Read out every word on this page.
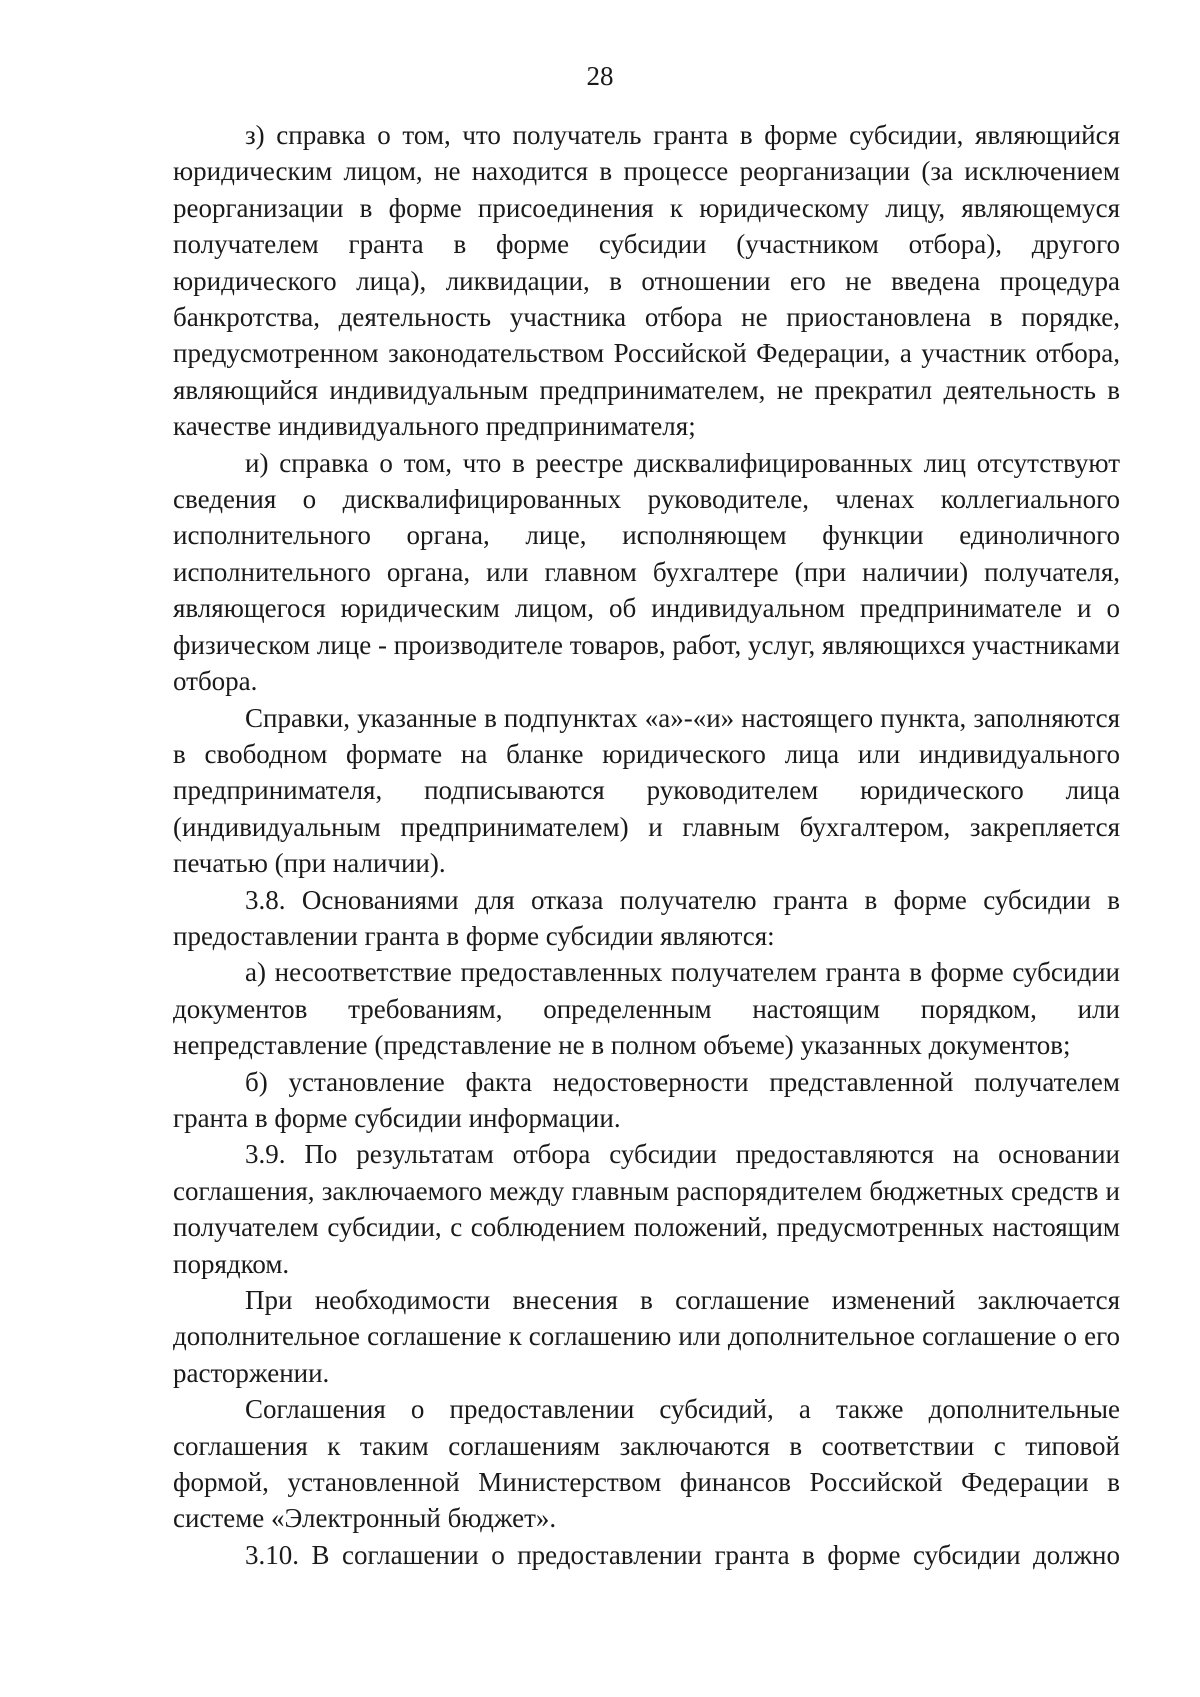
28

з) справка о том, что получатель гранта в форме субсидии, являющийся юридическим лицом, не находится в процессе реорганизации (за исключением реорганизации в форме присоединения к юридическому лицу, являющемуся получателем гранта в форме субсидии (участником отбора), другого юридического лица), ликвидации, в отношении его не введена процедура банкротства, деятельность участника отбора не приостановлена в порядке, предусмотренном законодательством Российской Федерации, а участник отбора, являющийся индивидуальным предпринимателем, не прекратил деятельность в качестве индивидуального предпринимателя;

и) справка о том, что в реестре дисквалифицированных лиц отсутствуют сведения о дисквалифицированных руководителе, членах коллегиального исполнительного органа, лице, исполняющем функции единоличного исполнительного органа, или главном бухгалтере (при наличии) получателя, являющегося юридическим лицом, об индивидуальном предпринимателе и о физическом лице - производителе товаров, работ, услуг, являющихся участниками отбора.

Справки, указанные в подпунктах «а»-«и» настоящего пункта, заполняются в свободном формате на бланке юридического лица или индивидуального предпринимателя, подписываются руководителем юридического лица (индивидуальным предпринимателем) и главным бухгалтером, закрепляется печатью (при наличии).

3.8. Основаниями для отказа получателю гранта в форме субсидии в предоставлении гранта в форме субсидии являются:

а) несоответствие предоставленных получателем гранта в форме субсидии документов требованиям, определенным настоящим порядком, или непредставление (представление не в полном объеме) указанных документов;

б) установление факта недостоверности представленной получателем гранта в форме субсидии информации.

3.9. По результатам отбора субсидии предоставляются на основании соглашения, заключаемого между главным распорядителем бюджетных средств и получателем субсидии, с соблюдением положений, предусмотренных настоящим порядком.

При необходимости внесения в соглашение изменений заключается дополнительное соглашение к соглашению или дополнительное соглашение о его расторжении.

Соглашения о предоставлении субсидий, а также дополнительные соглашения к таким соглашениям заключаются в соответствии с типовой формой, установленной Министерством финансов Российской Федерации в системе «Электронный бюджет».

3.10. В соглашении о предоставлении гранта в форме субсидии должно
